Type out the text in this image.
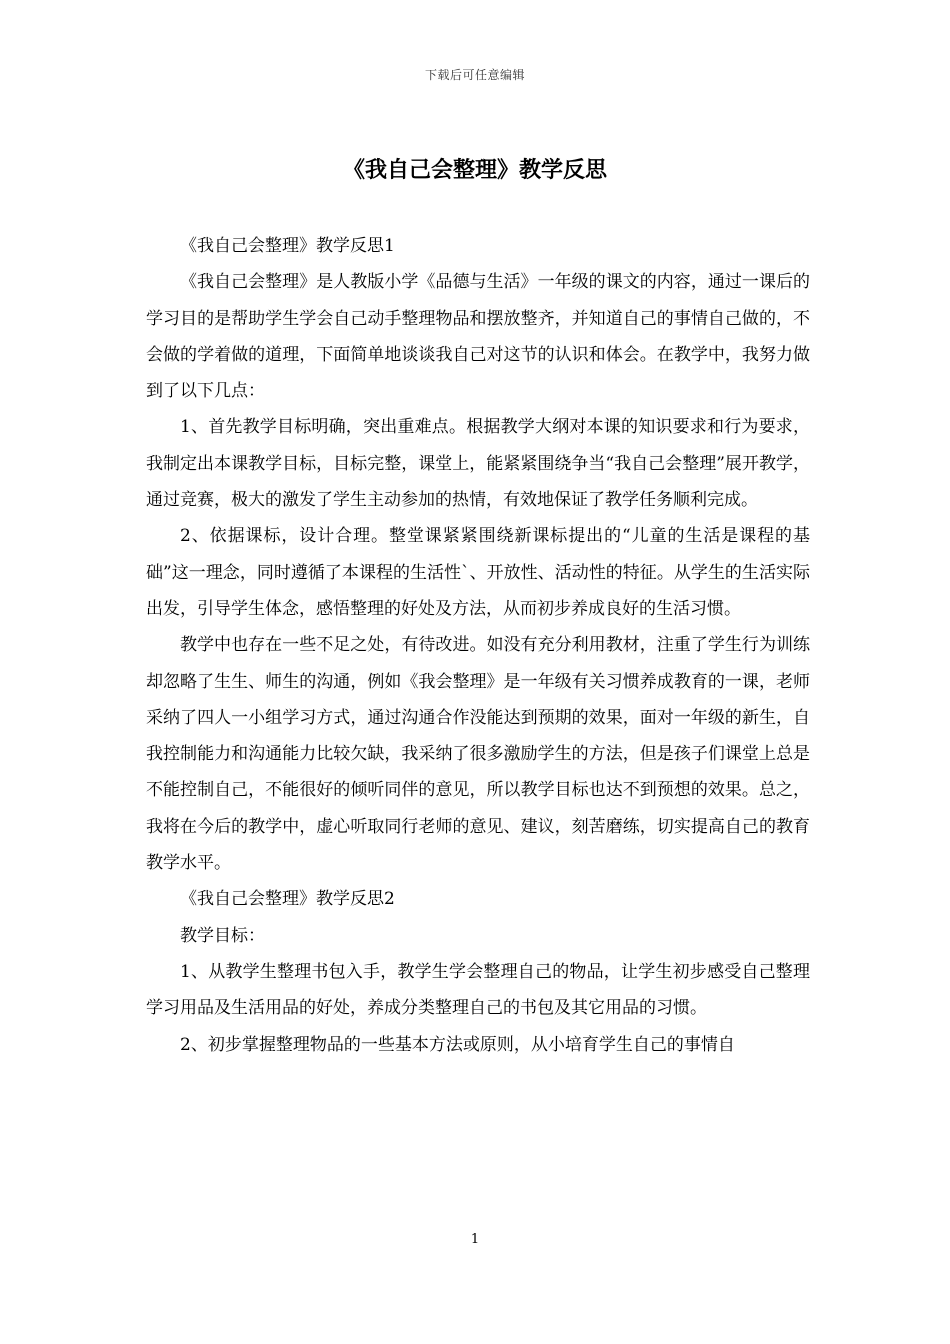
下载后可任意编辑
《我自己会整理》教学反思

《我自己会整理》教学反思1

《我自己会整理》是人教版小学《品德与生活》一年级的课文的内容，通过一课后的学习目的是帮助学生学会自己动手整理物品和摆放整齐，并知道自己的事情自己做的，不会做的学着做的道理，下面简单地谈谈我自己对这节的认识和体会。在教学中，我努力做到了以下几点：

1、首先教学目标明确，突出重难点。根据教学大纲对本课的知识要求和行为要求，我制定出本课教学目标，目标完整，课堂上，能紧紧围绕争当“我自己会整理”展开教学，通过竞赛，极大的激发了学生主动参加的热情，有效地保证了教学任务顺利完成。

2、依据课标，设计合理。整堂课紧紧围绕新课标提出的“儿童的生活是课程的基础”这一理念，同时遵循了本课程的生活性`、开放性、活动性的特征。从学生的生活实际出发，引导学生体念，感悟整理的好处及方法，从而初步养成良好的生活习惯。

教学中也存在一些不足之处，有待改进。如没有充分利用教材，注重了学生行为训练却忽略了生生、师生的沟通，例如《我会整理》是一年级有关习惯养成教育的一课，老师采纳了四人一小组学习方式，通过沟通合作没能达到预期的效果，面对一年级的新生，自我控制能力和沟通能力比较欠缺，我采纳了很多激励学生的方法，但是孩子们课堂上总是不能控制自己，不能很好的倾听同伴的意见，所以教学目标也达不到预想的效果。总之，我将在今后的教学中，虚心听取同行老师的意见、建议，刻苦磨练，切实提高自己的教育教学水平。

《我自己会整理》教学反思2

教学目标：

1、从教学生整理书包入手，教学生学会整理自己的物品，让学生初步感受自己整理学习用品及生活用品的好处，养成分类整理自己的书包及其它用品的习惯。

2、初步掌握整理物品的一些基本方法或原则，从小培育学生自己的事情自

1
